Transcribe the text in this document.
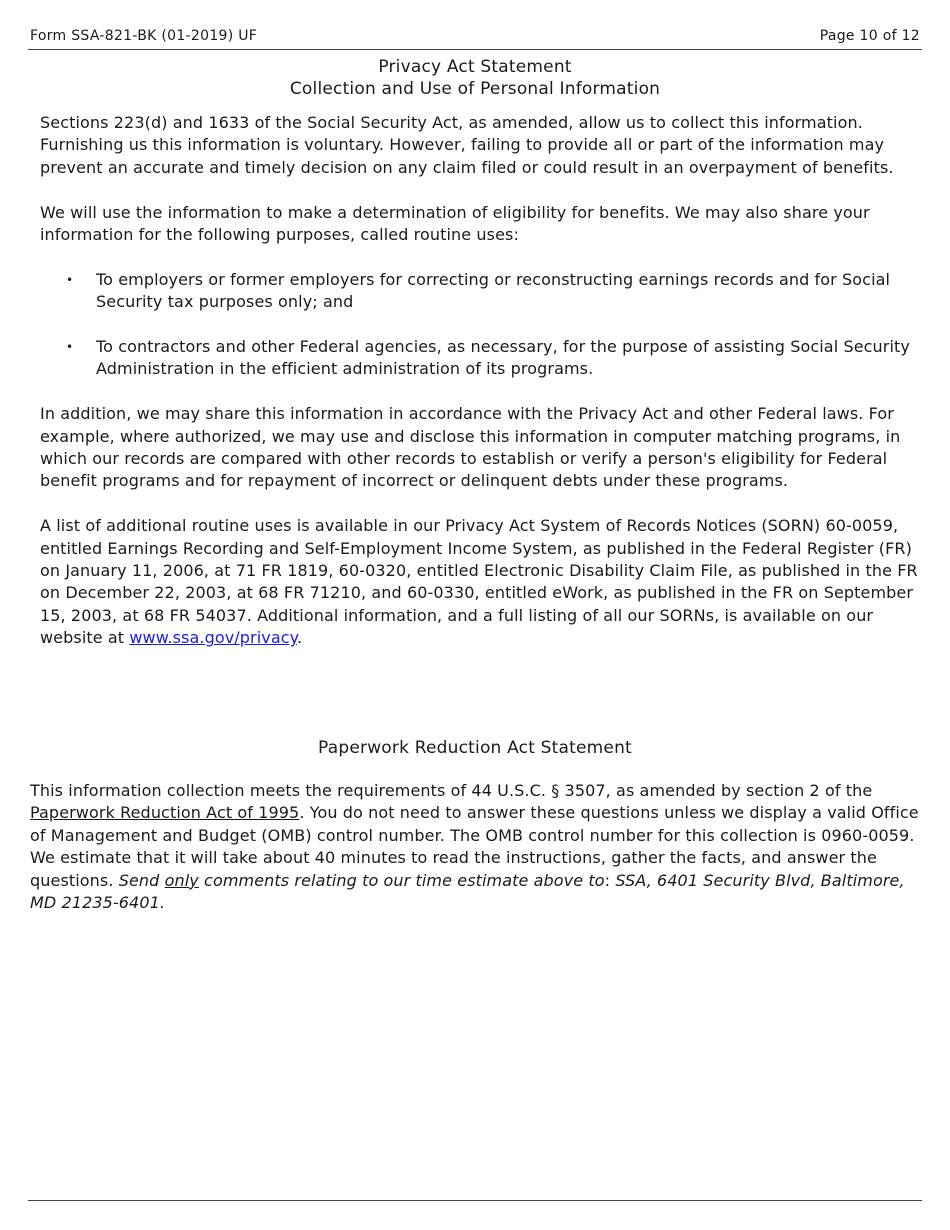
Form SSA-821-BK (01-2019) UF	Page 10 of 12
Privacy Act Statement
Collection and Use of Personal Information

Sections 223(d) and 1633 of the Social Security Act, as amended, allow us to collect this information. Furnishing us this information is voluntary. However, failing to provide all or part of the information may prevent an accurate and timely decision on any claim filed or could result in an overpayment of benefits.

We will use the information to make a determination of eligibility for benefits. We may also share your information for the following purposes, called routine uses:

• To employers or former employers for correcting or reconstructing earnings records and for Social Security tax purposes only; and
• To contractors and other Federal agencies, as necessary, for the purpose of assisting Social Security Administration in the efficient administration of its programs.

In addition, we may share this information in accordance with the Privacy Act and other Federal laws. For example, where authorized, we may use and disclose this information in computer matching programs, in which our records are compared with other records to establish or verify a person's eligibility for Federal benefit programs and for repayment of incorrect or delinquent debts under these programs.

A list of additional routine uses is available in our Privacy Act System of Records Notices (SORN) 60-0059, entitled Earnings Recording and Self-Employment Income System, as published in the Federal Register (FR) on January 11, 2006, at 71 FR 1819, 60-0320, entitled Electronic Disability Claim File, as published in the FR on December 22, 2003, at 68 FR 71210, and 60-0330, entitled eWork, as published in the FR on September 15, 2003, at 68 FR 54037. Additional information, and a full listing of all our SORNs, is available on our website at www.ssa.gov/privacy.

Paperwork Reduction Act Statement

This information collection meets the requirements of 44 U.S.C. § 3507, as amended by section 2 of the Paperwork Reduction Act of 1995. You do not need to answer these questions unless we display a valid Office of Management and Budget (OMB) control number. The OMB control number for this collection is 0960-0059. We estimate that it will take about 40 minutes to read the instructions, gather the facts, and answer the questions. Send only comments relating to our time estimate above to: SSA, 6401 Security Blvd, Baltimore, MD 21235-6401.
